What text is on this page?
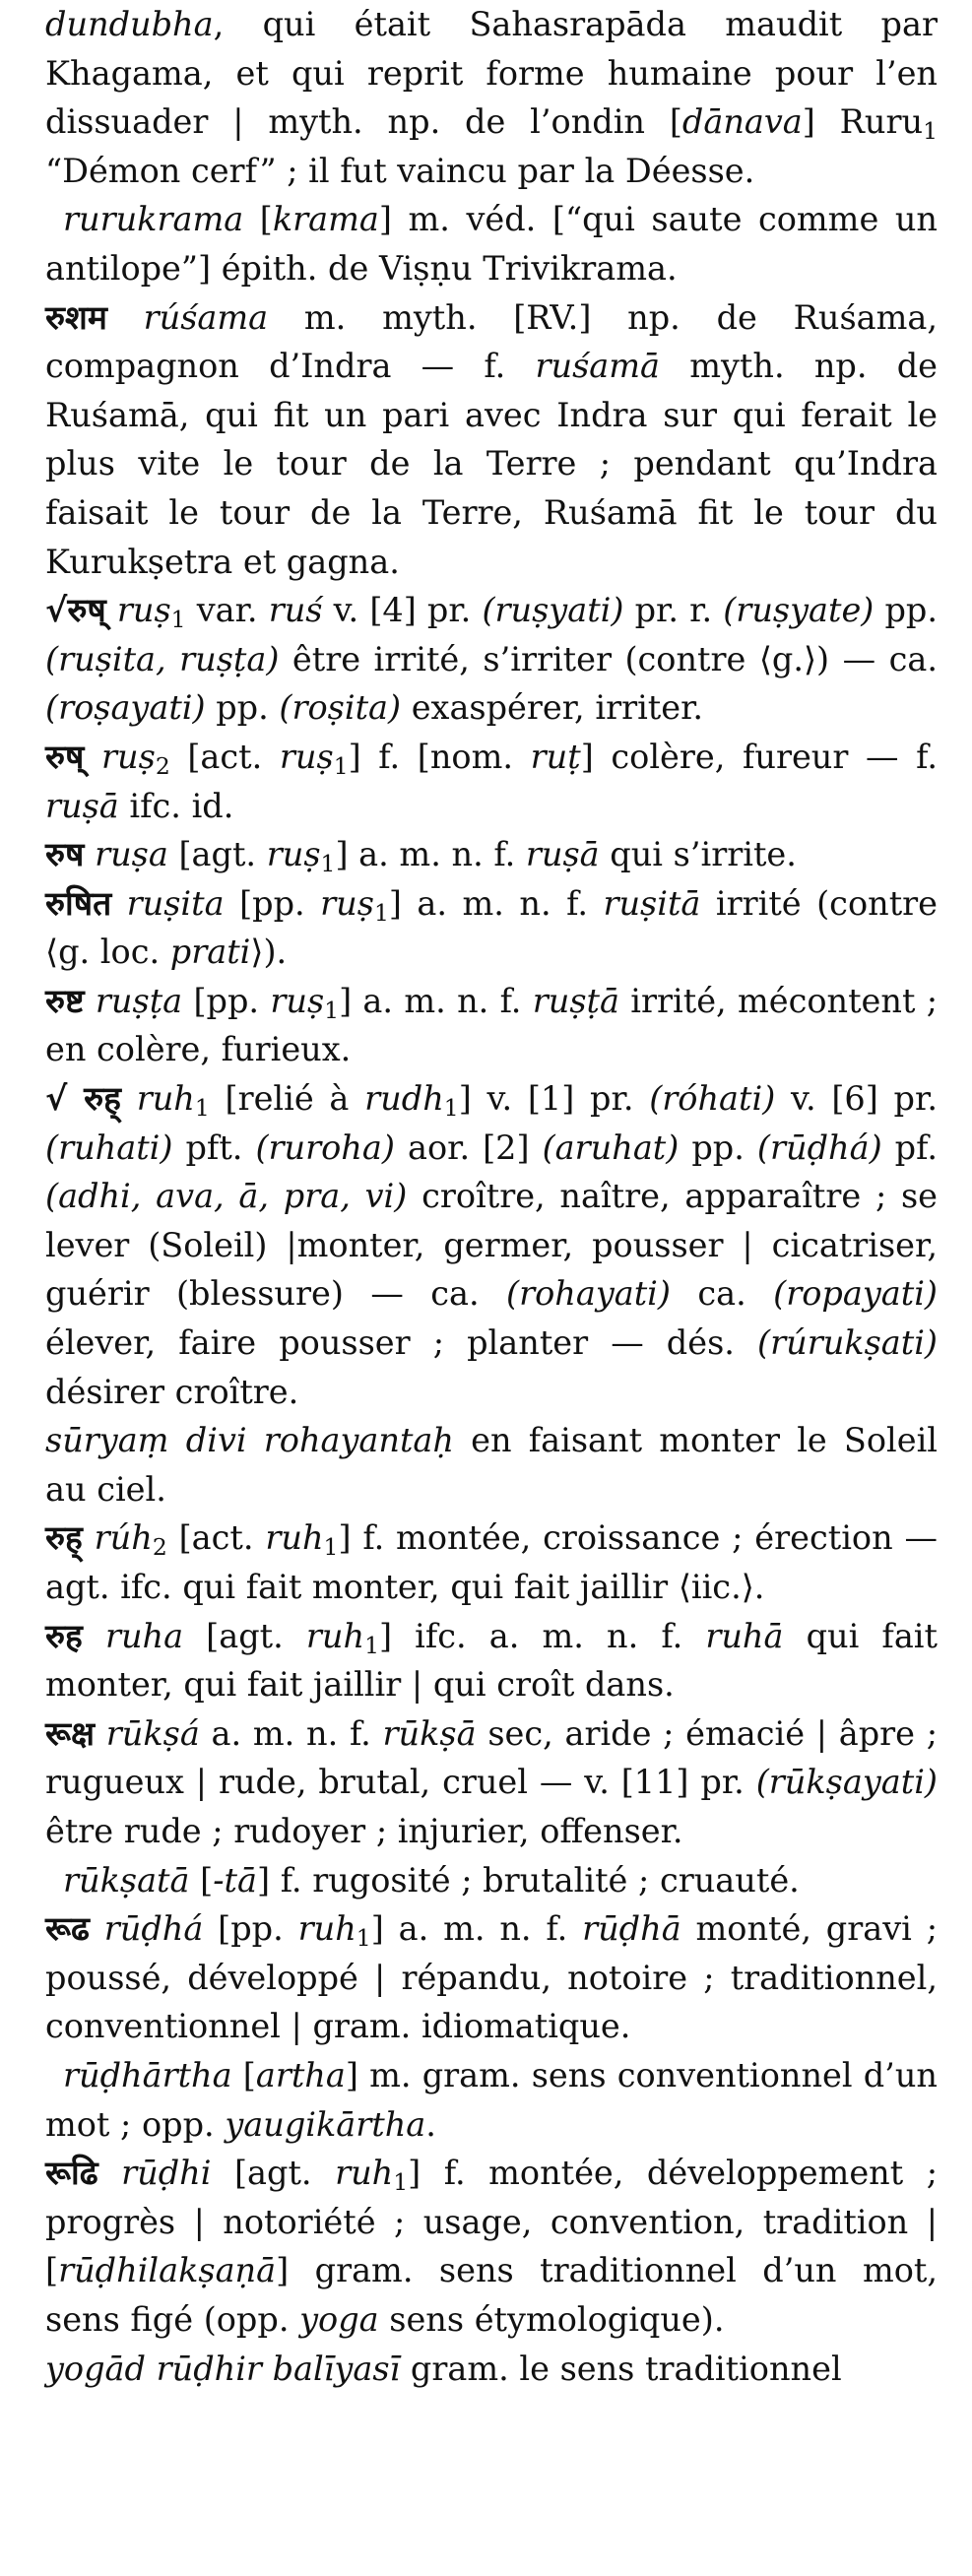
dundubha, qui était Sahasrapāda maudit par Khagama, et qui reprit forme humaine pour l’en dissuader | myth. np. de l’ondin [dānava] Ruru$_1$ “Démon cerf” ; il fut vaincu par la Déesse.

rurukrama [krama] m. véd. [“qui saute comme un antilope”] épith. de Viṣṇu Trivikrama.

रुशम rúśama m. myth. [RV.] np. de Ruśama, compagnon d’Indra — f. ruśamā myth. np. de Ruśamā, qui fit un pari avec Indra sur qui ferait le plus vite le tour de la Terre ; pendant qu’Indra faisait le tour de la Terre, Ruśamā fit le tour du Kurukṣetra et gagna.

√रुष् ruṣ$_1$ var. ruś v. [4] pr. (ruṣyati) pr. r. (ruṣyate) pp. (ruṣita, ruṣṭa) être irrité, s’irriter (contre ⟨g.⟩) — ca. (roṣayati) pp. (roṣita) exaspérer, irriter.

रुष् ruṣ$_2$ [act. ruṣ$_1$] f. [nom. ruṭ] colère, fureur — f. ruṣā ifc. id.

रुष ruṣa [agt. ruṣ$_1$] a. m. n. f. ruṣā qui s’irrite.

रुषित ruṣita [pp. ruṣ$_1$] a. m. n. f. ruṣitā irrité (contre ⟨g. loc. prati⟩).

रुष्ट ruṣṭa [pp. ruṣ$_1$] a. m. n. f. ruṣṭā irrité, mécontent ; en colère, furieux.

√ रुह् ruh$_1$ [relié à rudh$_1$] v. [1] pr. (róhati) v. [6] pr. (ruhati) pft. (ruroha) aor. [2] (aruhat) pp. (rūḍhá) pf. (adhi, ava, ā, pra, vi) croître, naître, apparaître ; se lever (Soleil) |monter, germer, pousser | cicatriser, guérir (blessure) — ca. (rohayati) ca. (ropayati) élever, faire pousser ; planter — dés. (rúrukṣati) désirer croître.

sūryaṃ divi rohayantaḥ en faisant monter le Soleil au ciel.

रुह् rúh$_2$ [act. ruh$_1$] f. montée, croissance ; érection — agt. ifc. qui fait monter, qui fait jaillir ⟨iic.⟩.

रुह ruha [agt. ruh$_1$] ifc. a. m. n. f. ruhā qui fait monter, qui fait jaillir | qui croît dans.

रूक्ष rūkṣá a. m. n. f. rūkṣā sec, aride ; émacié | âpre ; rugueux | rude, brutal, cruel — v. [11] pr. (rūkṣayati) être rude ; rudoyer ; injurier, offenser.

rūkṣatā [-tā] f. rugosité ; brutalité ; cruauté.

रूढ rūḍhá [pp. ruh$_1$] a. m. n. f. rūḍhā monté, gravi ; poussé, développé | répandu, notoire ; traditionnel, conventionnel | gram. idiomatique.

rūḍhārtha [artha] m. gram. sens conventionnel d’un mot ; opp. yaugikārtha.

रूढि rūḍhi [agt. ruh$_1$] f. montée, développement ; progrès | notoriété ; usage, convention, tradition | [rūḍhilakṣaṇā] gram. sens traditionnel d’un mot, sens figé (opp. yoga sens étymologique).

yogād rūḍhir balīyasī gram. le sens traditionnel
